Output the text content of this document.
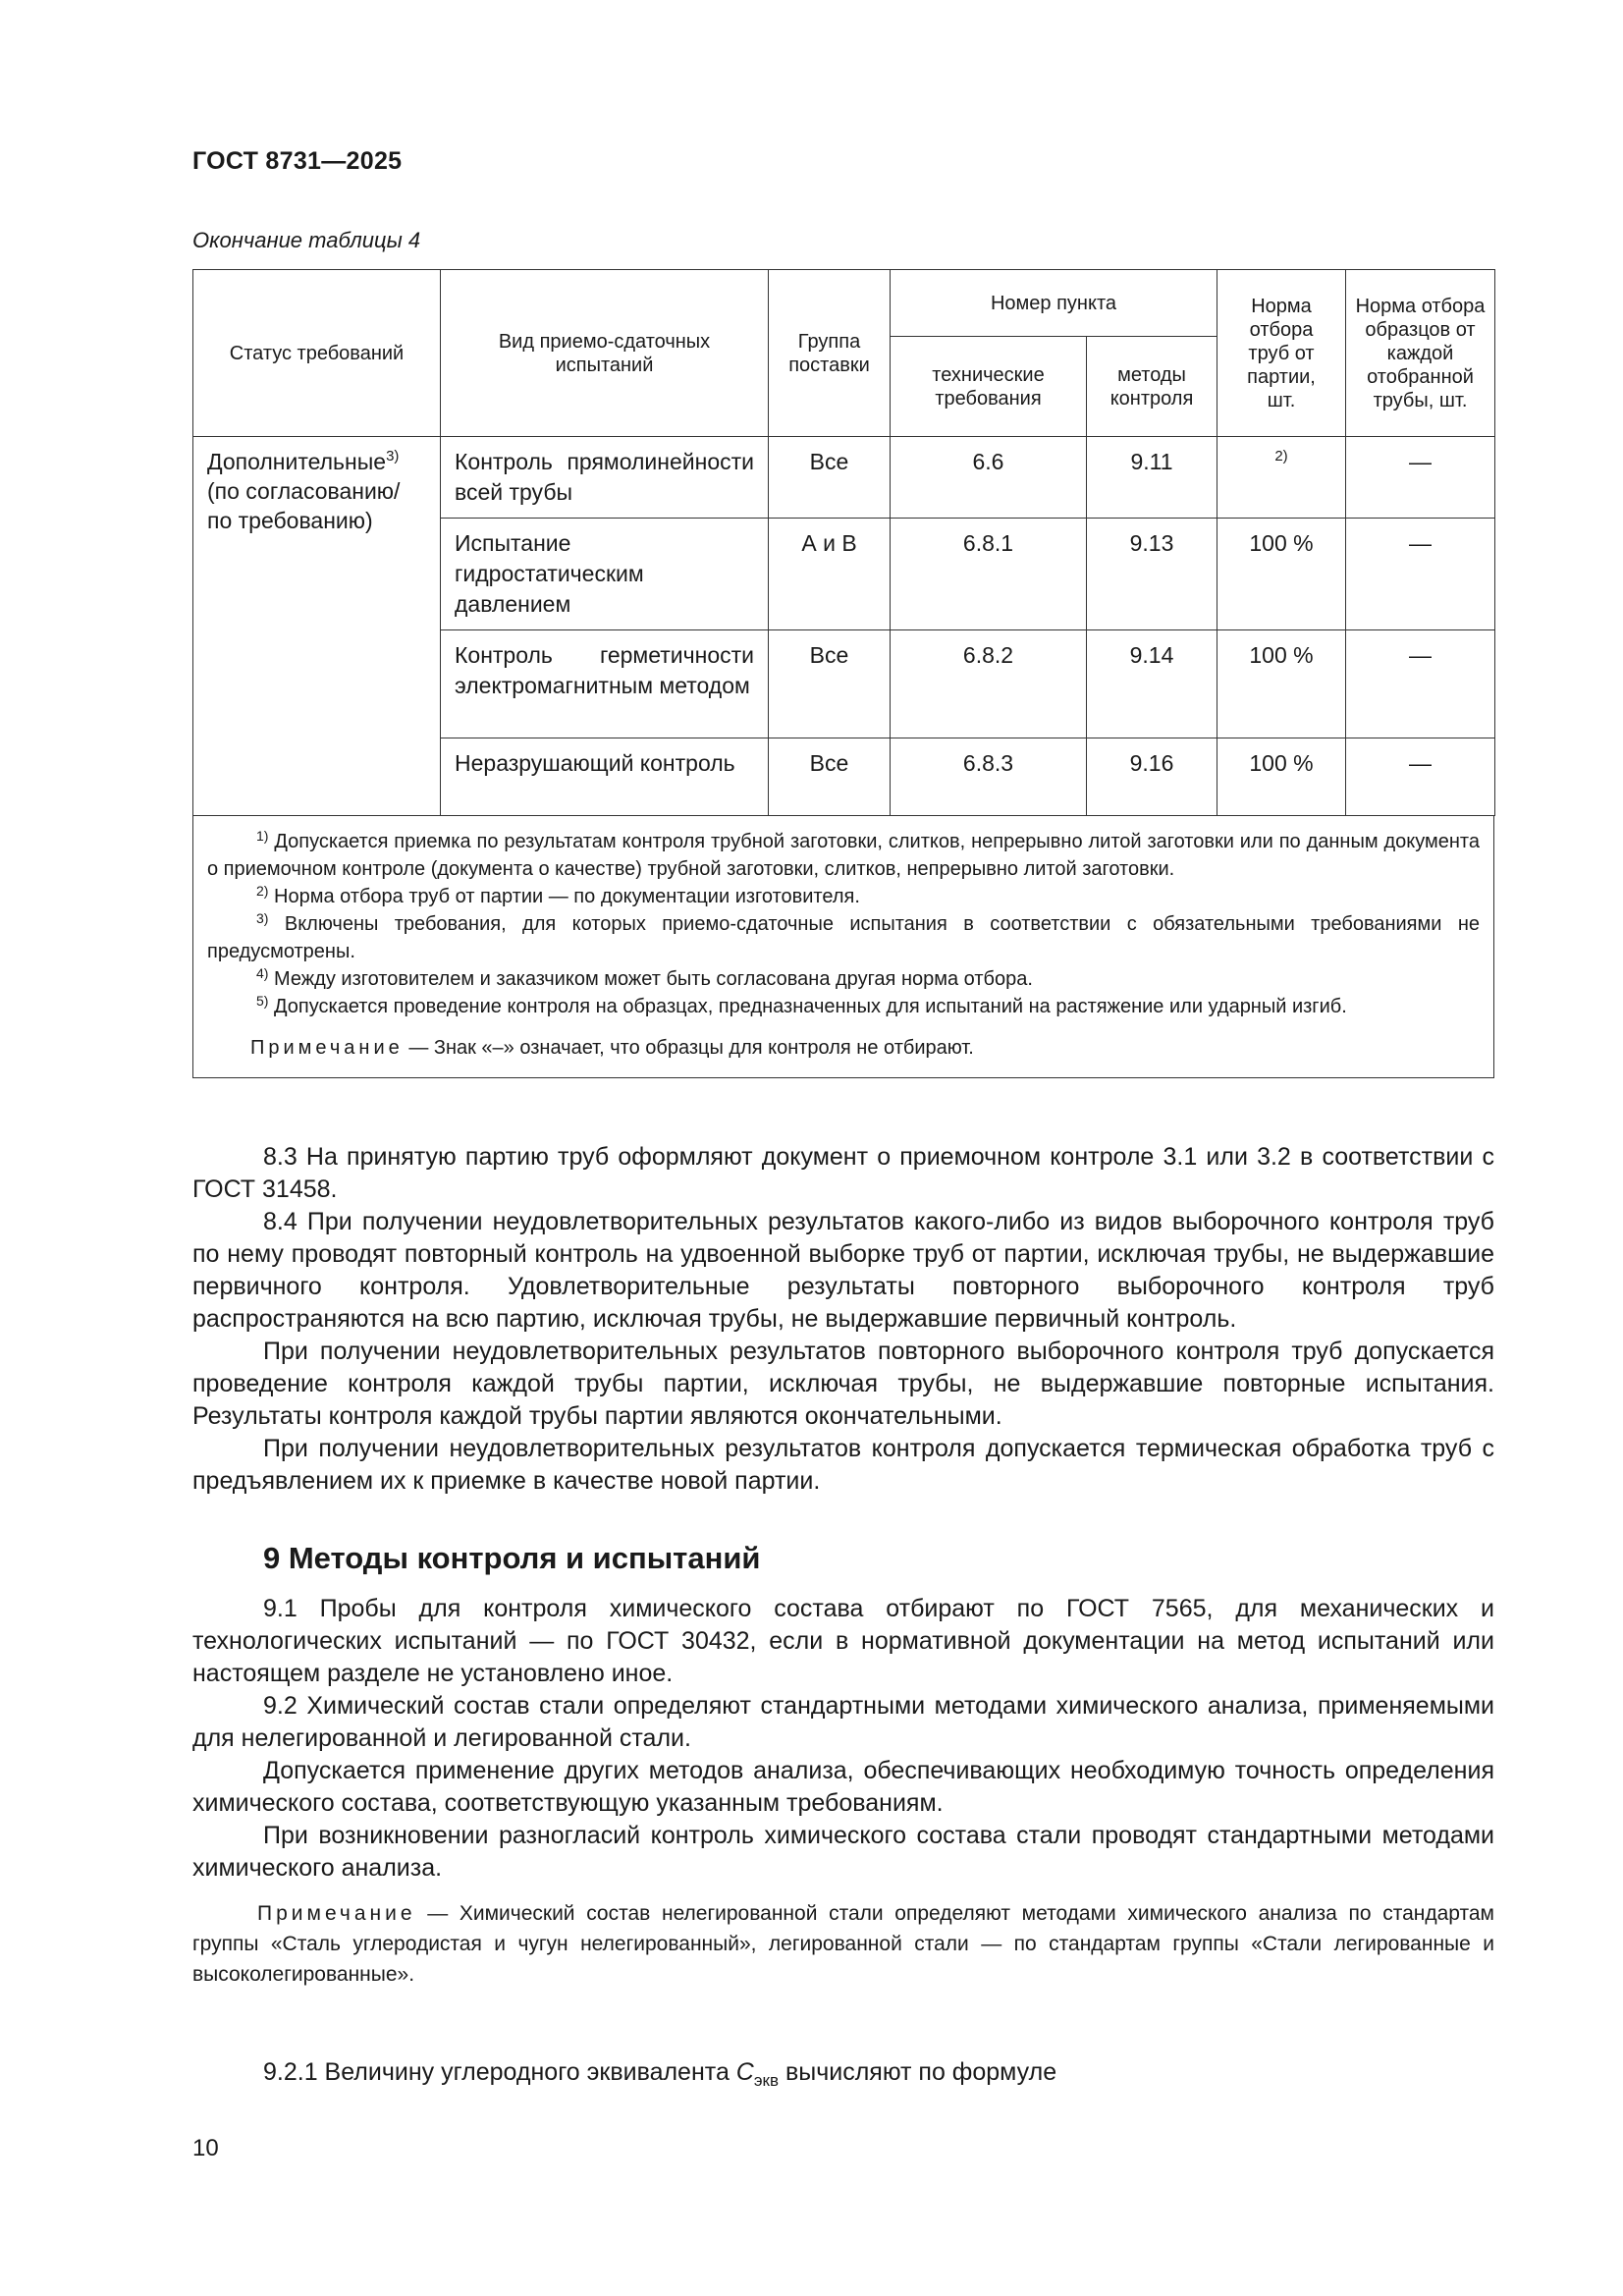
ГОСТ 8731—2025
Окончание таблицы 4
Статус требований	Вид приемо-сдаточных испытаний	Группа поставки	Номер пункта		Норма отбора труб от партии, шт.	Норма отбора образцов от каждой отобранной трубы, шт.

			технические требования	методы контроля		

Дополнительные$^{3)}$
(по согласованию/
по требованию)	Контроль прямолинейности всей трубы	Все	6.6	9.11	$^{2)}$	—

	Испытание гидростатическим давлением	А и В	6.8.1	9.13	100 %	—

	Контроль герметичности электромагнитным методом	Все	6.8.2	9.14	100 %	—

	Неразрушающий контроль	Все	6.8.3	9.16	100 %	—
$^{1)}$ Допускается приемка по результатам контроля трубной заготовки, слитков, непрерывно литой заготовки или по данным документа о приемочном контроле (документа о качестве) трубной заготовки, слитков, непрерывно литой заготовки.
$^{2)}$ Норма отбора труб от партии — по документации изготовителя.
$^{3)}$ Включены требования, для которых приемо-сдаточные испытания в соответствии с обязательными требованиями не предусмотрены.
$^{4)}$ Между изготовителем и заказчиком может быть согласована другая норма отбора.
$^{5)}$ Допускается проведение контроля на образцах, предназначенных для испытаний на растяжение или ударный изгиб.
Примечание — Знак «–» означает, что образцы для контроля не отбирают.

8.3 На принятую партию труб оформляют документ о приемочном контроле 3.1 или 3.2 в соответствии с ГОСТ 31458.

8.4 При получении неудовлетворительных результатов какого-либо из видов выборочного контроля труб по нему проводят повторный контроль на удвоенной выборке труб от партии, исключая трубы, не выдержавшие первичного контроля. Удовлетворительные результаты повторного выборочного контроля труб распространяются на всю партию, исключая трубы, не выдержавшие первичный контроль.

При получении неудовлетворительных результатов повторного выборочного контроля труб допускается проведение контроля каждой трубы партии, исключая трубы, не выдержавшие повторные испытания. Результаты контроля каждой трубы партии являются окончательными.

При получении неудовлетворительных результатов контроля допускается термическая обработка труб с предъявлением их к приемке в качестве новой партии.

9 Методы контроля и испытаний

9.1 Пробы для контроля химического состава отбирают по ГОСТ 7565, для механических и технологических испытаний — по ГОСТ 30432, если в нормативной документации на метод испытаний или настоящем разделе не установлено иное.

9.2 Химический состав стали определяют стандартными методами химического анализа, применяемыми для нелегированной и легированной стали.

Допускается применение других методов анализа, обеспечивающих необходимую точность определения химического состава, соответствующую указанным требованиям.

При возникновении разногласий контроль химического состава стали проводят стандартными методами химического анализа.

Примечание — Химический состав нелегированной стали определяют методами химического анализа по стандартам группы «Сталь углеродистая и чугун нелегированный», легированной стали — по стандартам группы «Стали легированные и высоколегированные».

9.2.1 Величину углеродного эквивалента $C_{экв}$ вычисляют по формуле
10
